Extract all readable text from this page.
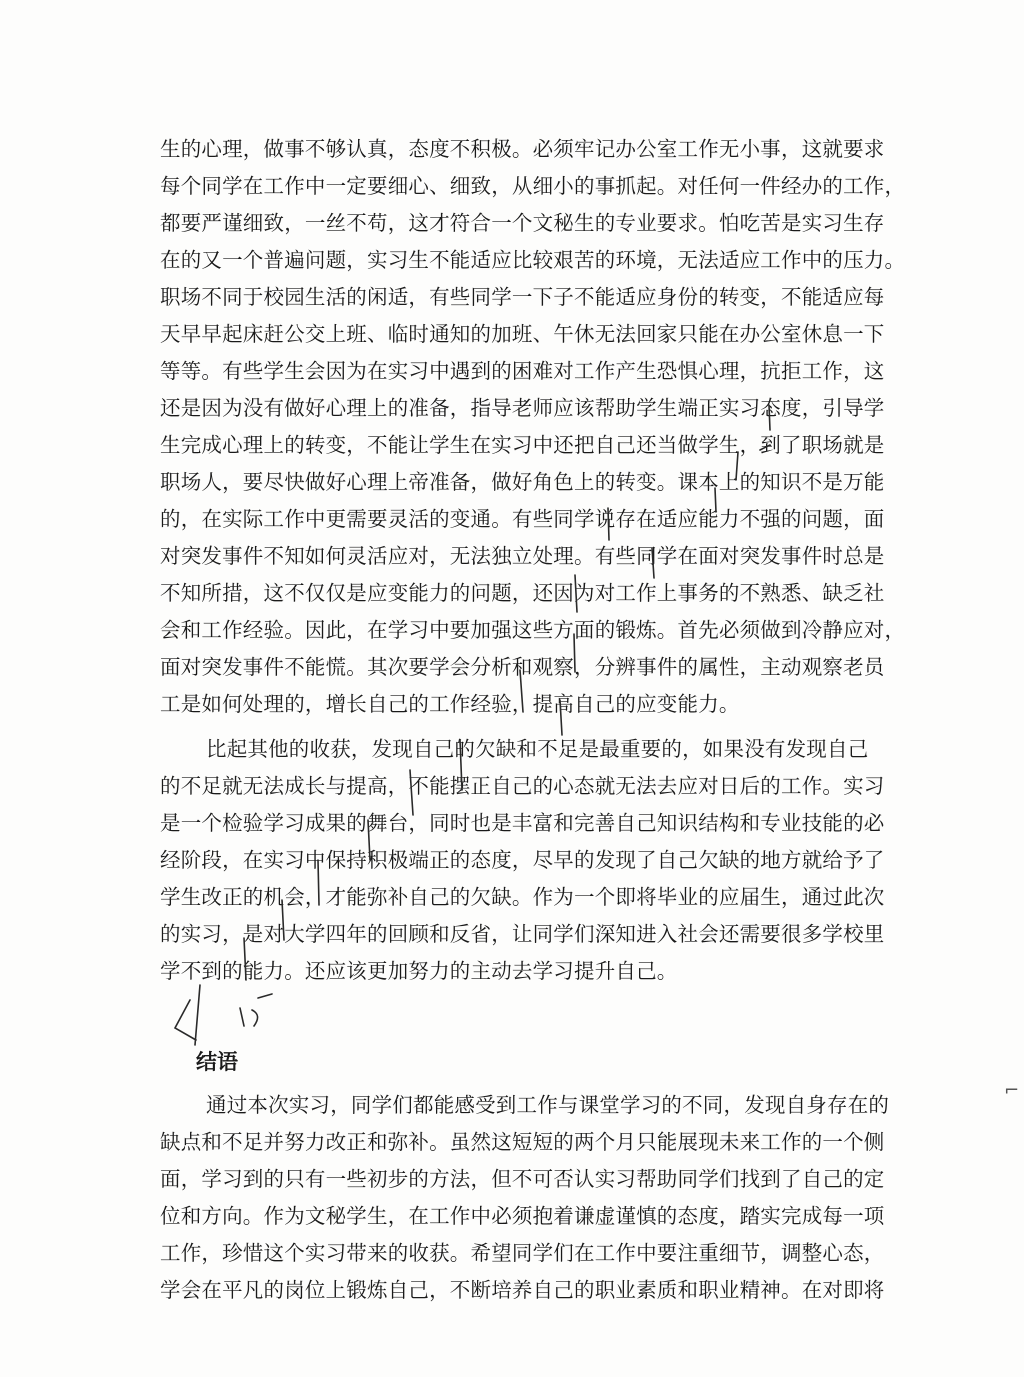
生的心理，做事不够认真，态度不积极。必须牢记办公室工作无小事，这就要求
每个同学在工作中一定要细心、细致，从细小的事抓起。对任何一件经办的工作，
都要严谨细致，一丝不苟，这才符合一个文秘生的专业要求。怕吃苦是实习生存
在的又一个普遍问题，实习生不能适应比较艰苦的环境，无法适应工作中的压力。
职场不同于校园生活的闲适，有些同学一下子不能适应身份的转变，不能适应每
天早早起床赶公交上班、临时通知的加班、午休无法回家只能在办公室休息一下
等等。有些学生会因为在实习中遇到的困难对工作产生恐惧心理，抗拒工作，这
还是因为没有做好心理上的准备，指导老师应该帮助学生端正实习态度，引导学
生完成心理上的转变，不能让学生在实习中还把自己还当做学生，到了职场就是
职场人，要尽快做好心理上帝准备，做好角色上的转变。课本上的知识不是万能
的，在实际工作中更需要灵活的变通。有些同学说存在适应能力不强的问题，面
对突发事件不知如何灵活应对，无法独立处理。有些同学在面对突发事件时总是
不知所措，这不仅仅是应变能力的问题，还因为对工作上事务的不熟悉、缺乏社
会和工作经验。因此，在学习中要加强这些方面的锻炼。首先必须做到冷静应对，
面对突发事件不能慌。其次要学会分析和观察，分辨事件的属性，主动观察老员
工是如何处理的，增长自己的工作经验，提高自己的应变能力。
比起其他的收获，发现自己的欠缺和不足是最重要的，如果没有发现自己
的不足就无法成长与提高，不能摆正自己的心态就无法去应对日后的工作。实习
是一个检验学习成果的舞台，同时也是丰富和完善自己知识结构和专业技能的必
经阶段，在实习中保持积极端正的态度，尽早的发现了自己欠缺的地方就给予了
学生改正的机会，才能弥补自己的欠缺。作为一个即将毕业的应届生，通过此次
的实习，是对大学四年的回顾和反省，让同学们深知进入社会还需要很多学校里
学不到的能力。还应该更加努力的主动去学习提升自己。
结语
通过本次实习，同学们都能感受到工作与课堂学习的不同，发现自身存在的
缺点和不足并努力改正和弥补。虽然这短短的两个月只能展现未来工作的一个侧
面，学习到的只有一些初步的方法，但不可否认实习帮助同学们找到了自己的定
位和方向。作为文秘学生，在工作中必须抱着谦虚谨慎的态度，踏实完成每一项
工作，珍惜这个实习带来的收获。希望同学们在工作中要注重细节，调整心态，
学会在平凡的岗位上锻炼自己，不断培养自己的职业素质和职业精神。在对即将
⌐
